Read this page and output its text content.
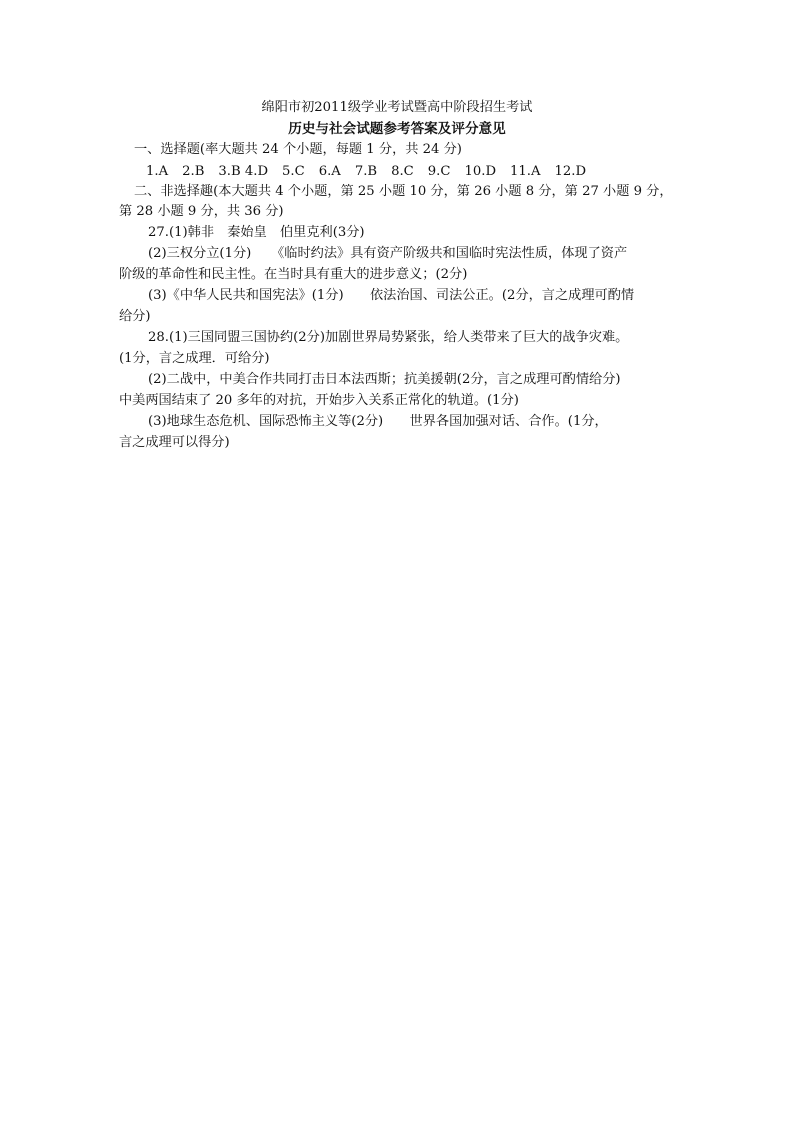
绵阳市初2011级学业考试暨高中阶段招生考试
历史与社会试题参考答案及评分意见
一、选择题(率大题共 24 个小题，每题 1 分，共 24 分)
1.A 2.B 3.B 4.D 5.C 6.A 7.B 8.C 9.C 10.D 11.A 12.D
二、非选择趣(本大题共 4 个小题，第 25 小题 10 分，第 26 小题 8 分，第 27 小题 9 分，
第 28 小题 9 分，共 36 分)
27.(1)韩非　秦始皇　伯里克利(3分)
(2)三权分立(1分)　　《临时约法》具有资产阶级共和国临时宪法性质，体现了资产
阶级的革命性和民主性。在当时具有重大的进步意义；(2分)
(3)《中华人民共和国宪法》(1分)　　依法治国、司法公正。(2分，言之成理可酌情
给分)
28.(1)三国同盟三国协约(2分)加剧世界局势紧张，给人类带来了巨大的战争灾难。
(1分，言之成理．可给分)
(2)二战中，中美合作共同打击日本法西斯；抗美援朝(2分，言之成理可酌情给分)
中美两国结束了 20 多年的对抗，开始步入关系正常化的轨道。(1分)
(3)地球生态危机、国际恐怖主义等(2分)　　世界各国加强对话、合作。(1分，
言之成理可以得分)
